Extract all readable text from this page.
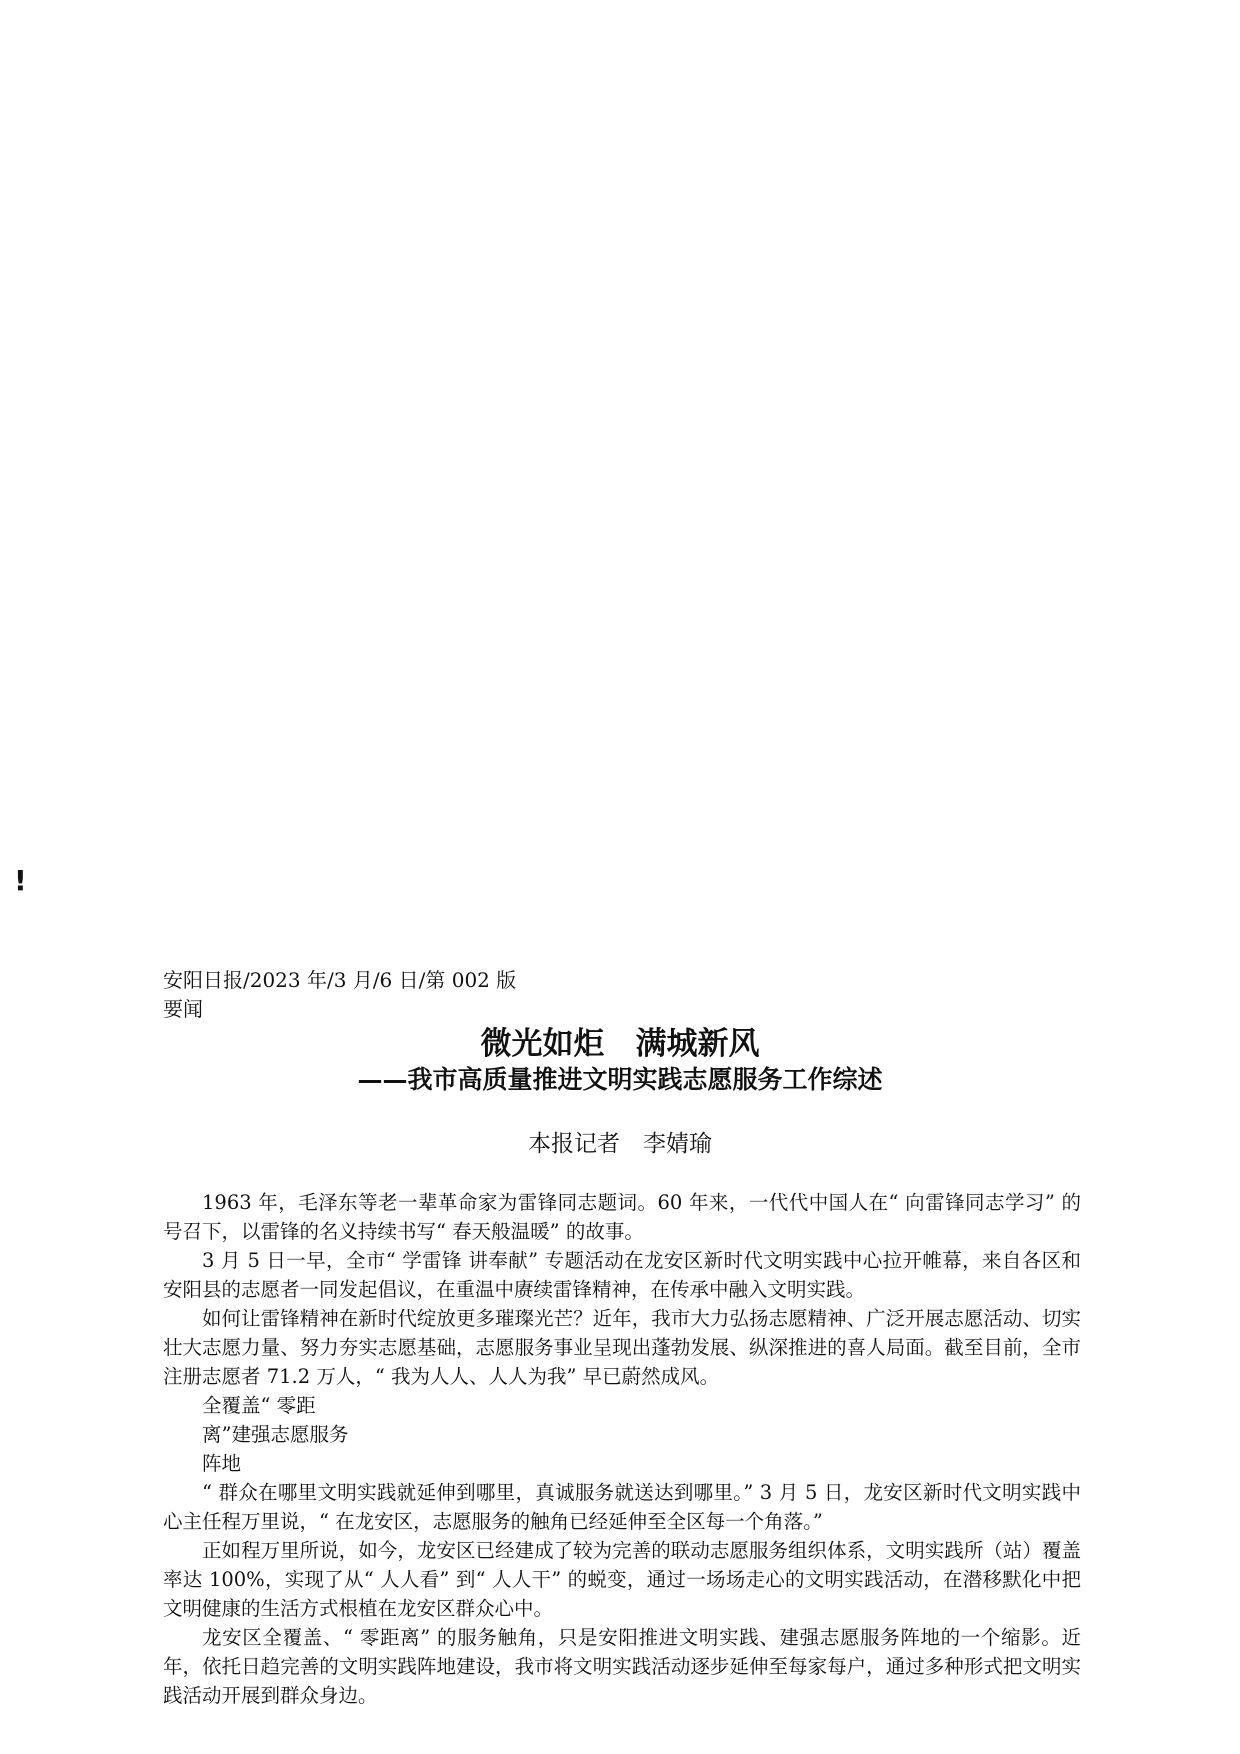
!
安阳日报/2023 年/3 月/6 日/第 002 版要闻
微光如炬　满城新风
——我市高质量推进文明实践志愿服务工作综述
本报记者　李婧瑜

1963 年，毛泽东等老一辈革命家为雷锋同志题词。60 年来，一代代中国人在“ 向雷锋同志学习” 的号召下，以雷锋的名义持续书写“ 春天般温暖” 的故事。

3 月 5 日一早，全市“ 学雷锋 讲奉献” 专题活动在龙安区新时代文明实践中心拉开帷幕，来自各区和安阳县的志愿者一同发起倡议，在重温中赓续雷锋精神，在传承中融入文明实践。

如何让雷锋精神在新时代绽放更多璀璨光芒？近年，我市大力弘扬志愿精神、广泛开展志愿活动、切实壮大志愿力量、努力夯实志愿基础，志愿服务事业呈现出蓬勃发展、纵深推进的喜人局面。截至目前，全市注册志愿者 71.2 万人，“ 我为人人、人人为我” 早已蔚然成风。

全覆盖“ 零距
离”建强志愿服务
阵地

“ 群众在哪里文明实践就延伸到哪里，真诚服务就送达到哪里。” 3 月 5 日，龙安区新时代文明实践中心主任程万里说，“ 在龙安区，志愿服务的触角已经延伸至全区每一个角落。”

正如程万里所说，如今，龙安区已经建成了较为完善的联动志愿服务组织体系，文明实践所（站）覆盖率达 100%，实现了从“ 人人看” 到“ 人人干” 的蜕变，通过一场场走心的文明实践活动，在潜移默化中把文明健康的生活方式根植在龙安区群众心中。

龙安区全覆盖、“ 零距离” 的服务触角，只是安阳推进文明实践、建强志愿服务阵地的一个缩影。近年，依托日趋完善的文明实践阵地建设，我市将文明实践活动逐步延伸至每家每户，通过多种形式把文明实践活动开展到群众身边。
